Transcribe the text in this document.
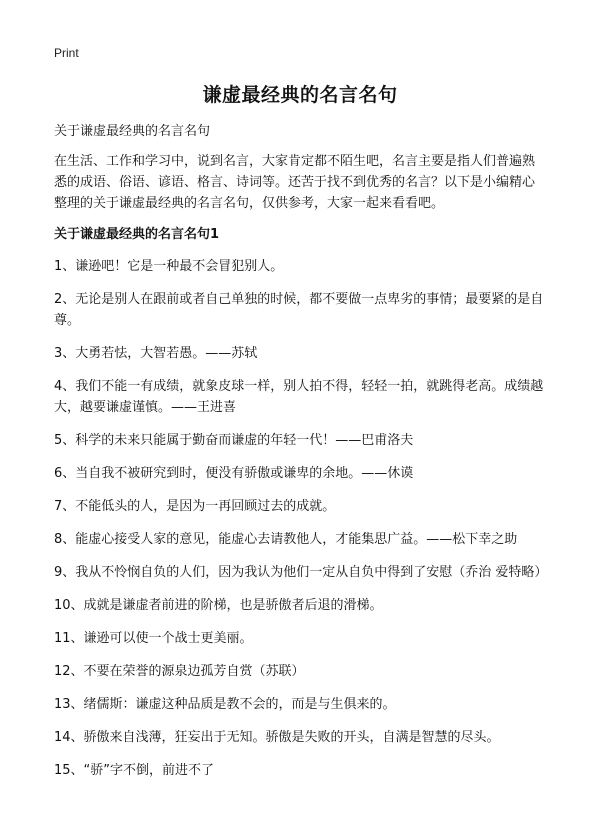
Print
谦虚最经典的名言名句

关于谦虚最经典的名言名句

在生活、工作和学习中，说到名言，大家肯定都不陌生吧，名言主要是指人们普遍熟悉的成语、俗语、谚语、格言、诗词等。还苦于找不到优秀的名言？以下是小编精心整理的关于谦虚最经典的名言名句，仅供参考，大家一起来看看吧。

关于谦虚最经典的名言名句1

1、谦逊吧！它是一种最不会冒犯别人。

2、无论是别人在跟前或者自己单独的时候，都不要做一点卑劣的事情；最要紧的是自尊。

3、大勇若怯，大智若愚。——苏轼

4、我们不能一有成绩，就象皮球一样，别人拍不得，轻轻一拍，就跳得老高。成绩越大，越要谦虚谨慎。——王进喜

5、科学的未来只能属于勤奋而谦虚的年轻一代！——巴甫洛夫

6、当自我不被研究到时，便没有骄傲或谦卑的余地。——休谟

7、不能低头的人，是因为一再回顾过去的成就。

8、能虚心接受人家的意见，能虚心去请教他人，才能集思广益。——松下幸之助

9、我从不怜悯自负的人们，因为我认为他们一定从自负中得到了安慰（乔治 爱特略）

10、成就是谦虚者前进的阶梯，也是骄傲者后退的滑梯。

11、谦逊可以使一个战士更美丽。

12、不要在荣誉的源泉边孤芳自赏（苏联）

13、绪儒斯：谦虚这种品质是教不会的，而是与生俱来的。

14、骄傲来自浅薄，狂妄出于无知。骄傲是失败的开头，自满是智慧的尽头。

15、“骄”字不倒，前进不了
